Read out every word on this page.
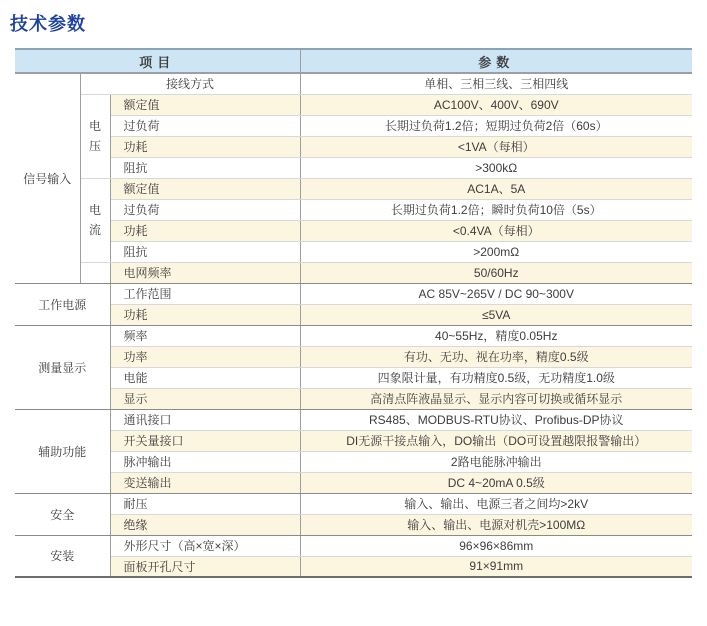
技术参数
项目			参数
信号输入	接线方式		单相、三相三线、三相四线

	电压	额定值	AC100V、400V、690V
		过负荷	长期过负荷1.2倍；短期过负荷2倍（60s）
		功耗	<1VA（每相）
		阻抗	>300kΩ

	电流	额定值	AC1A、5A
		过负荷	长期过负荷1.2倍；瞬时负荷10倍（5s）
		功耗	<0.4VA（每相）
		阻抗	>200mΩ
		电网频率	50/60Hz
工作电源		工作范围	AC 85V~265V / DC 90~300V
		功耗	≤5VA
测量显示		频率	40~55Hz，精度0.05Hz
		功率	有功、无功、视在功率，精度0.5级
		电能	四象限计量，有功精度0.5级，无功精度1.0级
		显示	高清点阵液晶显示、显示内容可切换或循环显示
辅助功能		通讯接口	RS485、MODBUS-RTU协议、Profibus-DP协议
		开关量接口	DI无源干接点输入，DO输出（DO可设置越限报警输出）
		脉冲输出	2路电能脉冲输出
		变送输出	DC 4~20mA 0.5级
安全		耐压	输入、输出、电源三者之间均>2kV
		绝缘	输入、输出、电源对机壳>100MΩ
安装		外形尺寸（高×宽×深）	96×96×86mm
		面板开孔尺寸	91×91mm
